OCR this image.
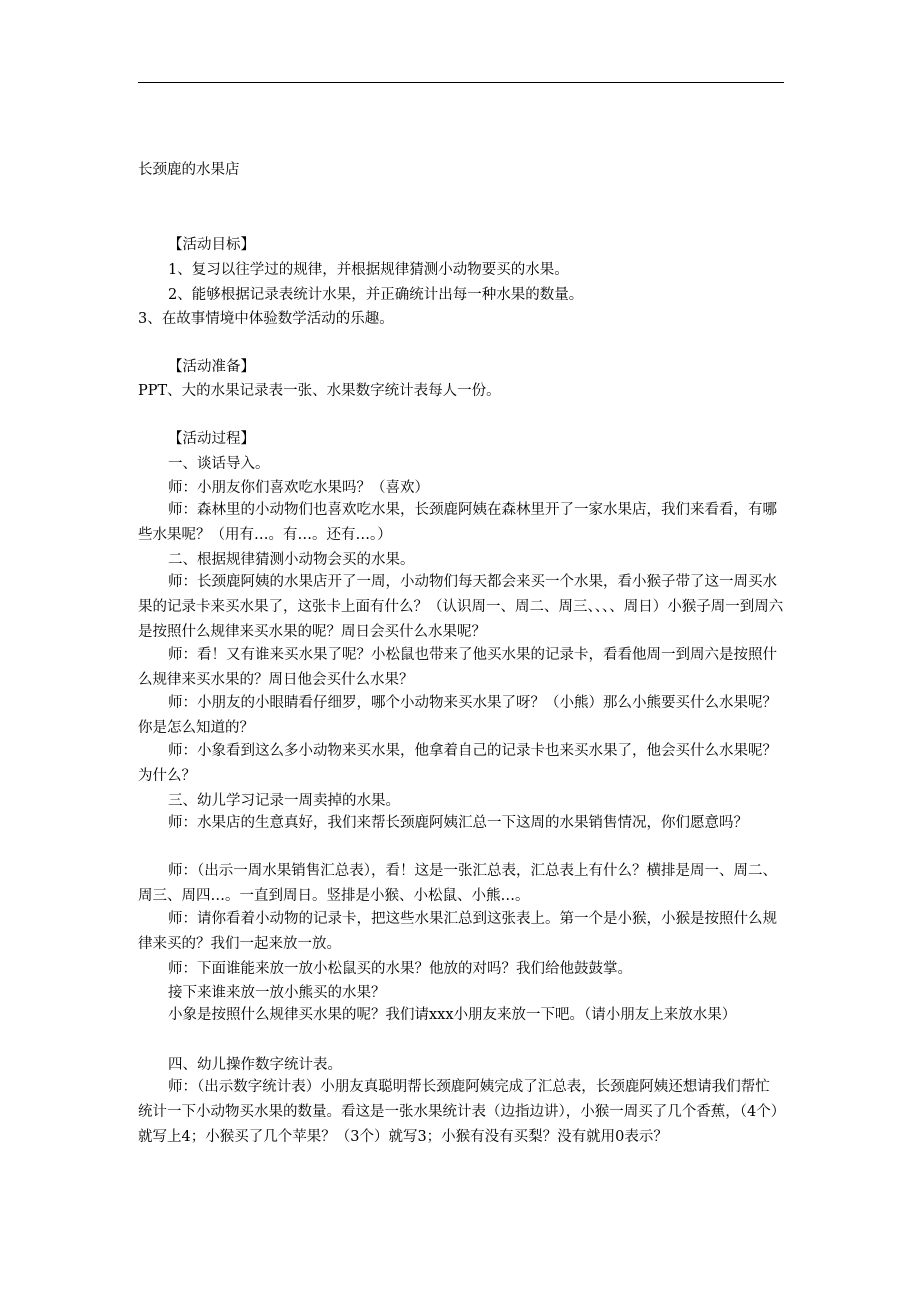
长颈鹿的水果店
【活动目标】
1、复习以往学过的规律，并根据规律猜测小动物要买的水果。
2、能够根据记录表统计水果，并正确统计出每一种水果的数量。
3、在故事情境中体验数学活动的乐趣。
【活动准备】
PPT、大的水果记录表一张、水果数字统计表每人一份。
【活动过程】
一、谈话导入。
师：小朋友你们喜欢吃水果吗？（喜欢）
师：森林里的小动物们也喜欢吃水果，长颈鹿阿姨在森林里开了一家水果店，我们来看看，有哪些水果呢？（用有…。有…。还有…。）
二、根据规律猜测小动物会买的水果。
师：长颈鹿阿姨的水果店开了一周，小动物们每天都会来买一个水果，看小猴子带了这一周买水果的记录卡来买水果了，这张卡上面有什么？（认识周一、周二、周三、、、、周日）小猴子周一到周六是按照什么规律来买水果的呢？周日会买什么水果呢？
师：看！又有谁来买水果了呢？小松鼠也带来了他买水果的记录卡，看看他周一到周六是按照什么规律来买水果的？周日他会买什么水果？
师：小朋友的小眼睛看仔细罗，哪个小动物来买水果了呀？（小熊）那么小熊要买什么水果呢？你是怎么知道的？
师：小象看到这么多小动物来买水果，他拿着自己的记录卡也来买水果了，他会买什么水果呢？为什么？
三、幼儿学习记录一周卖掉的水果。
师：水果店的生意真好，我们来帮长颈鹿阿姨汇总一下这周的水果销售情况，你们愿意吗？
师：（出示一周水果销售汇总表），看！这是一张汇总表，汇总表上有什么？横排是周一、周二、周三、周四…。一直到周日。竖排是小猴、小松鼠、小熊…。
师：请你看着小动物的记录卡，把这些水果汇总到这张表上。第一个是小猴，小猴是按照什么规律来买的？我们一起来放一放。
师：下面谁能来放一放小松鼠买的水果？他放的对吗？我们给他鼓鼓掌。
接下来谁来放一放小熊买的水果？
小象是按照什么规律买水果的呢？我们请xxx小朋友来放一下吧。（请小朋友上来放水果）
四、幼儿操作数字统计表。
师：（出示数字统计表）小朋友真聪明帮长颈鹿阿姨完成了汇总表，长颈鹿阿姨还想请我们帮忙统计一下小动物买水果的数量。看这是一张水果统计表（边指边讲），小猴一周买了几个香蕉，（4个）就写上4；小猴买了几个苹果？（3个）就写3；小猴有没有买梨？没有就用0表示？
